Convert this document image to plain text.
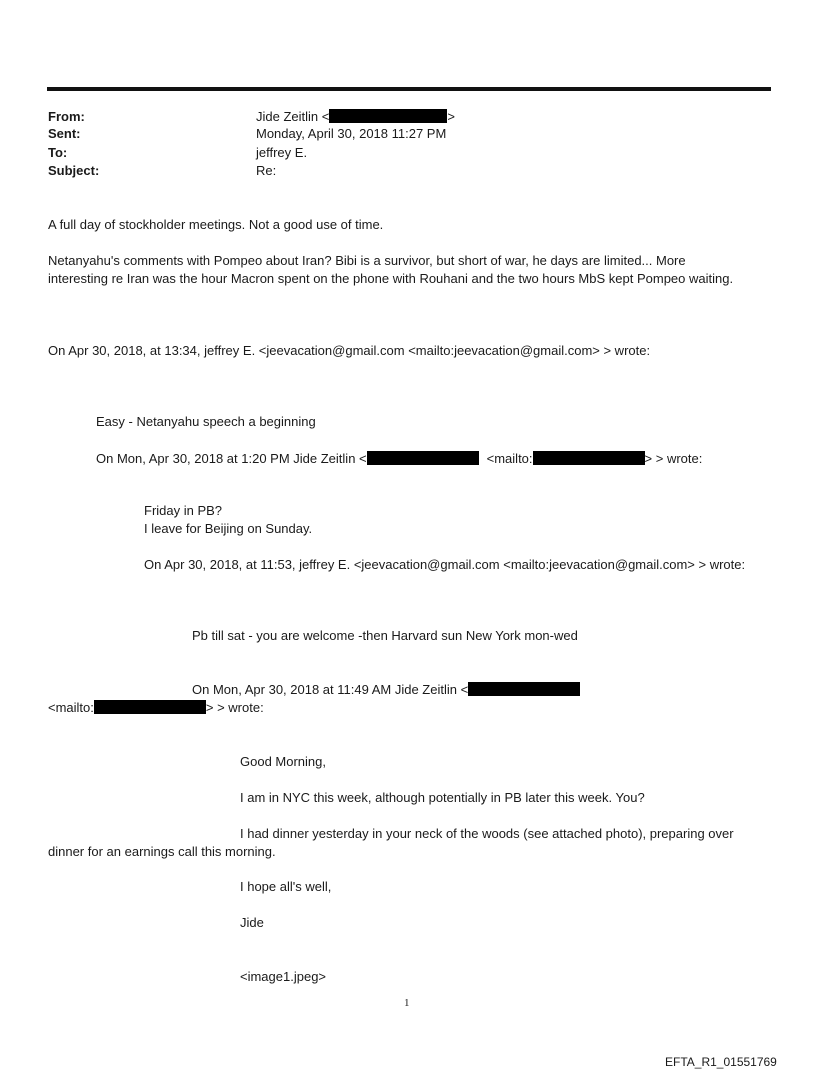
From:	Jide Zeitlin <	>
Sent:	Monday, April 30, 2018 11:27 PM
To:	jeffrey E.
Subject:	Re:
A full day of stockholder meetings. Not a good use of time.
Netanyahu's comments with Pompeo about Iran? Bibi is a survivor, but short of war, he days are limited... More
interesting re Iran was the hour Macron spent on the phone with Rouhani and the two hours MbS kept Pompeo waiting.
On Apr 30, 2018, at 13:34, jeffrey E. <jeevacation@gmail.com <mailto:jeevacation@gmail.com> > wrote:
Easy - Netanyahu speech a beginning
On Mon, Apr 30, 2018 at 1:20 PM Jide Zeitlin <	<mailto:	> > wrote:
Friday in PB?
I leave for Beijing on Sunday.
On Apr 30, 2018, at 11:53, jeffrey E. <jeevacation@gmail.com <mailto:jeevacation@gmail.com> > wrote:
Pb till sat - you are welcome -then Harvard sun New York mon-wed
On Mon, Apr 30, 2018 at 11:49 AM Jide Zeitlin <
<mailto:	> > wrote:
Good Morning,
I am in NYC this week, although potentially in PB later this week. You?
I had dinner yesterday in your neck of the woods (see attached photo), preparing over
dinner for an earnings call this morning.
I hope all's well,
Jide
<image1.jpeg>
1
EFTA_R1_01551769
